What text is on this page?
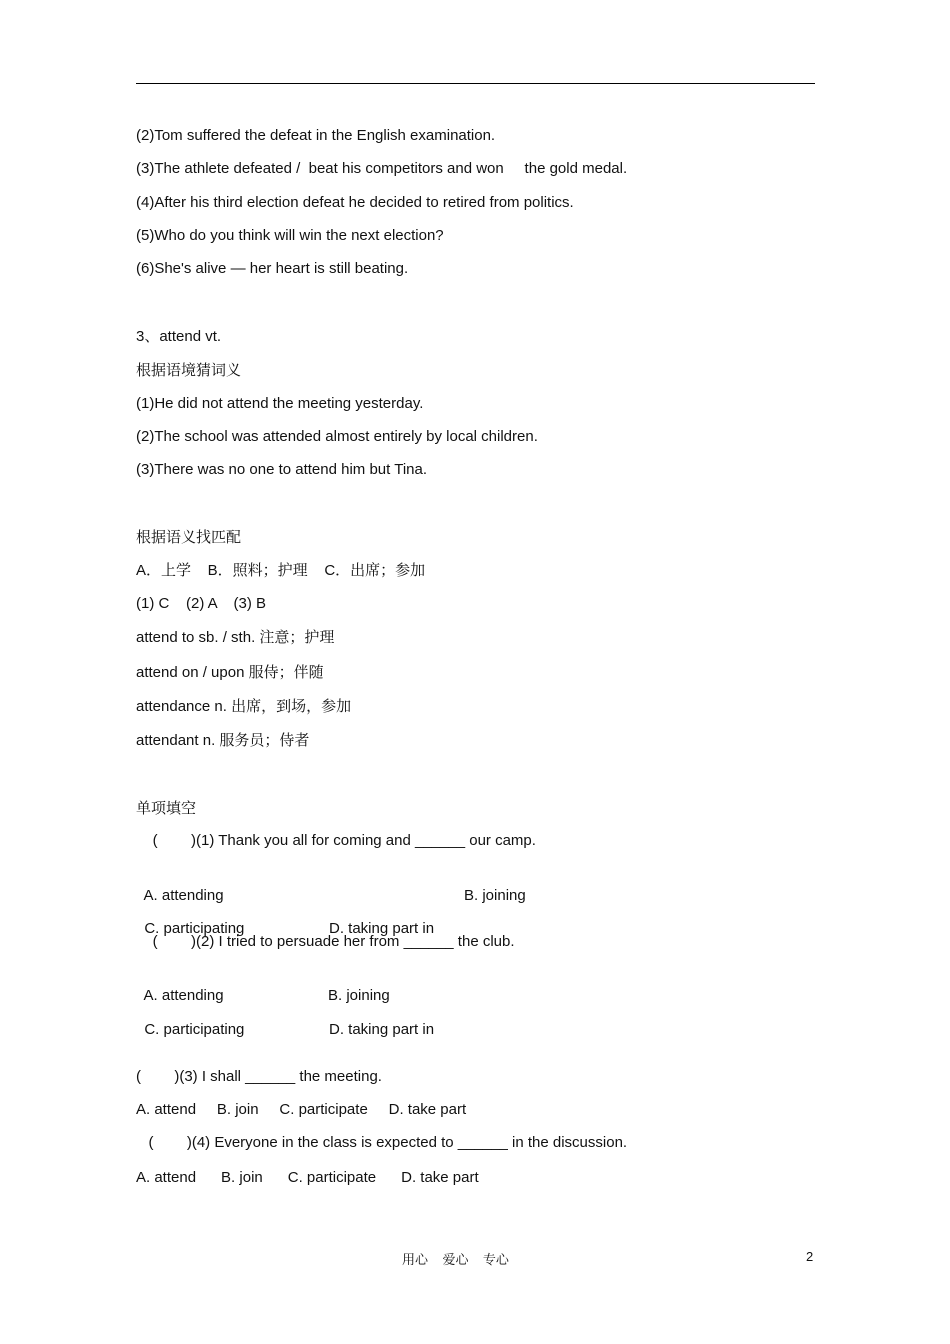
(2)Tom suffered the defeat in the English examination.
(3)The athlete defeated /  beat his competitors and won     the gold medal.
(4)After his third election defeat he decided to retired from politics.
(5)Who do you think will win the next election?
(6)She's alive — her heart is still beating.
3、attend vt.
根据语境猜词义
(1)He did not attend the meeting yesterday.
(2)The school was attended almost entirely by local children.
(3)There was no one to attend him but Tina.
根据语义找匹配
A．上学    B．照料；护理    C．出席；参加
(1) C    (2) A    (3) B
attend to sb. / sth. 注意；护理
attend on / upon 服侍；伴随
attendance n. 出席，到场，参加
attendant n. 服务员；侍者
单项填空
(        )(1) Thank you all for coming and ______ our camp.

A. attending	B. joining

C. participating	D. taking part in

(        )(2) I tried to persuade her from ______ the club.

A. attending	B. joining

C. participating	D. taking part in

(        )(3) I shall ______ the meeting.
A. attend     B. join     C. participate     D. take part
(        )(4) Everyone in the class is expected to ______ in the discussion.
A. attend      B. join      C. participate      D. take part
用心    爱心    专心	2
